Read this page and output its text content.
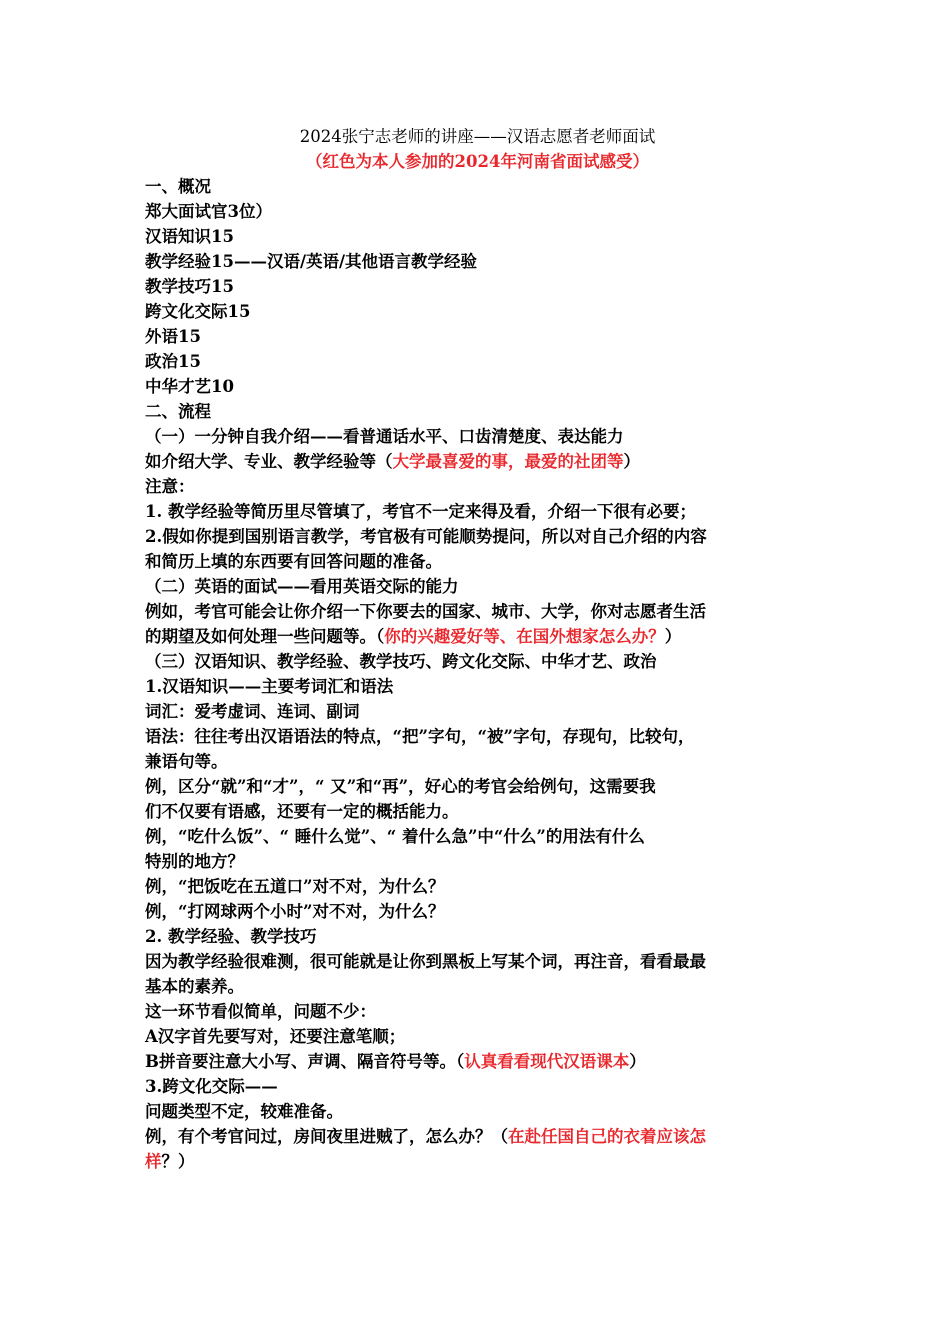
2024张宁志老师的讲座——汉语志愿者老师面试
（红色为本人参加的2024年河南省面试感受）
一、概况
郑大面试官3位）
汉语知识15
教学经验15——汉语/英语/其他语言教学经验
教学技巧15
跨文化交际15
外语15
政治15
中华才艺10
二、流程
（一）一分钟自我介绍——看普通话水平、口齿清楚度、表达能力
如介绍大学、专业、教学经验等（大学最喜爱的事，最爱的社团等）
注意：
1. 教学经验等简历里尽管填了，考官不一定来得及看，介绍一下很有必要；
2.假如你提到国别语言教学，考官极有可能顺势提问，所以对自己介绍的内容
和简历上填的东西要有回答问题的准备。
（二）英语的面试——看用英语交际的能力
例如，考官可能会让你介绍一下你要去的国家、城市、大学，你对志愿者生活
的期望及如何处理一些问题等。（你的兴趣爱好等、在国外想家怎么办？）
（三）汉语知识、教学经验、教学技巧、跨文化交际、中华才艺、政治
1.汉语知识——主要考词汇和语法
词汇：爱考虚词、连词、副词
语法：往往考出汉语语法的特点，“把”字句，“被”字句，存现句，比较句，
兼语句等。
例，区分“就”和“才”，“ 又”和“再”，好心的考官会给例句，这需要我
们不仅要有语感，还要有一定的概括能力。
例，“吃什么饭”、“ 睡什么觉”、“ 着什么急”中“什么”的用法有什么
特别的地方？
例，“把饭吃在五道口”对不对，为什么？
例，“打网球两个小时”对不对，为什么？
2. 教学经验、教学技巧
因为教学经验很难测，很可能就是让你到黑板上写某个词，再注音，看看最最
基本的素养。
这一环节看似简单，问题不少：
A汉字首先要写对，还要注意笔顺；
B拼音要注意大小写、声调、隔音符号等。（认真看看现代汉语课本）
3.跨文化交际——
问题类型不定，较难准备。
例，有个考官问过，房间夜里进贼了，怎么办？（在赴任国自己的衣着应该怎
样？）
